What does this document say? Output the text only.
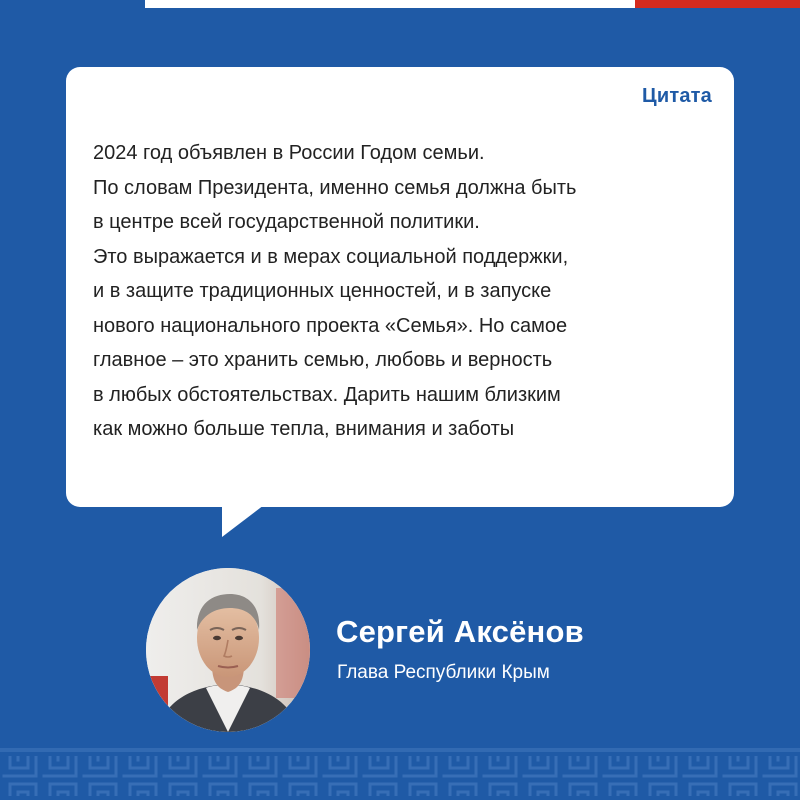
Цитата
2024 год объявлен в России Годом семьи.
По словам Президента, именно семья должна быть
в центре всей государственной политики.
Это выражается и в мерах социальной поддержки,
и в защите традиционных ценностей, и в запуске
нового национального проекта «Семья». Но самое
главное – это хранить семью, любовь и верность
в любых обстоятельствах. Дарить нашим близким
как можно больше тепла, внимания и заботы
Сергей Аксёнов
Глава Республики Крым
